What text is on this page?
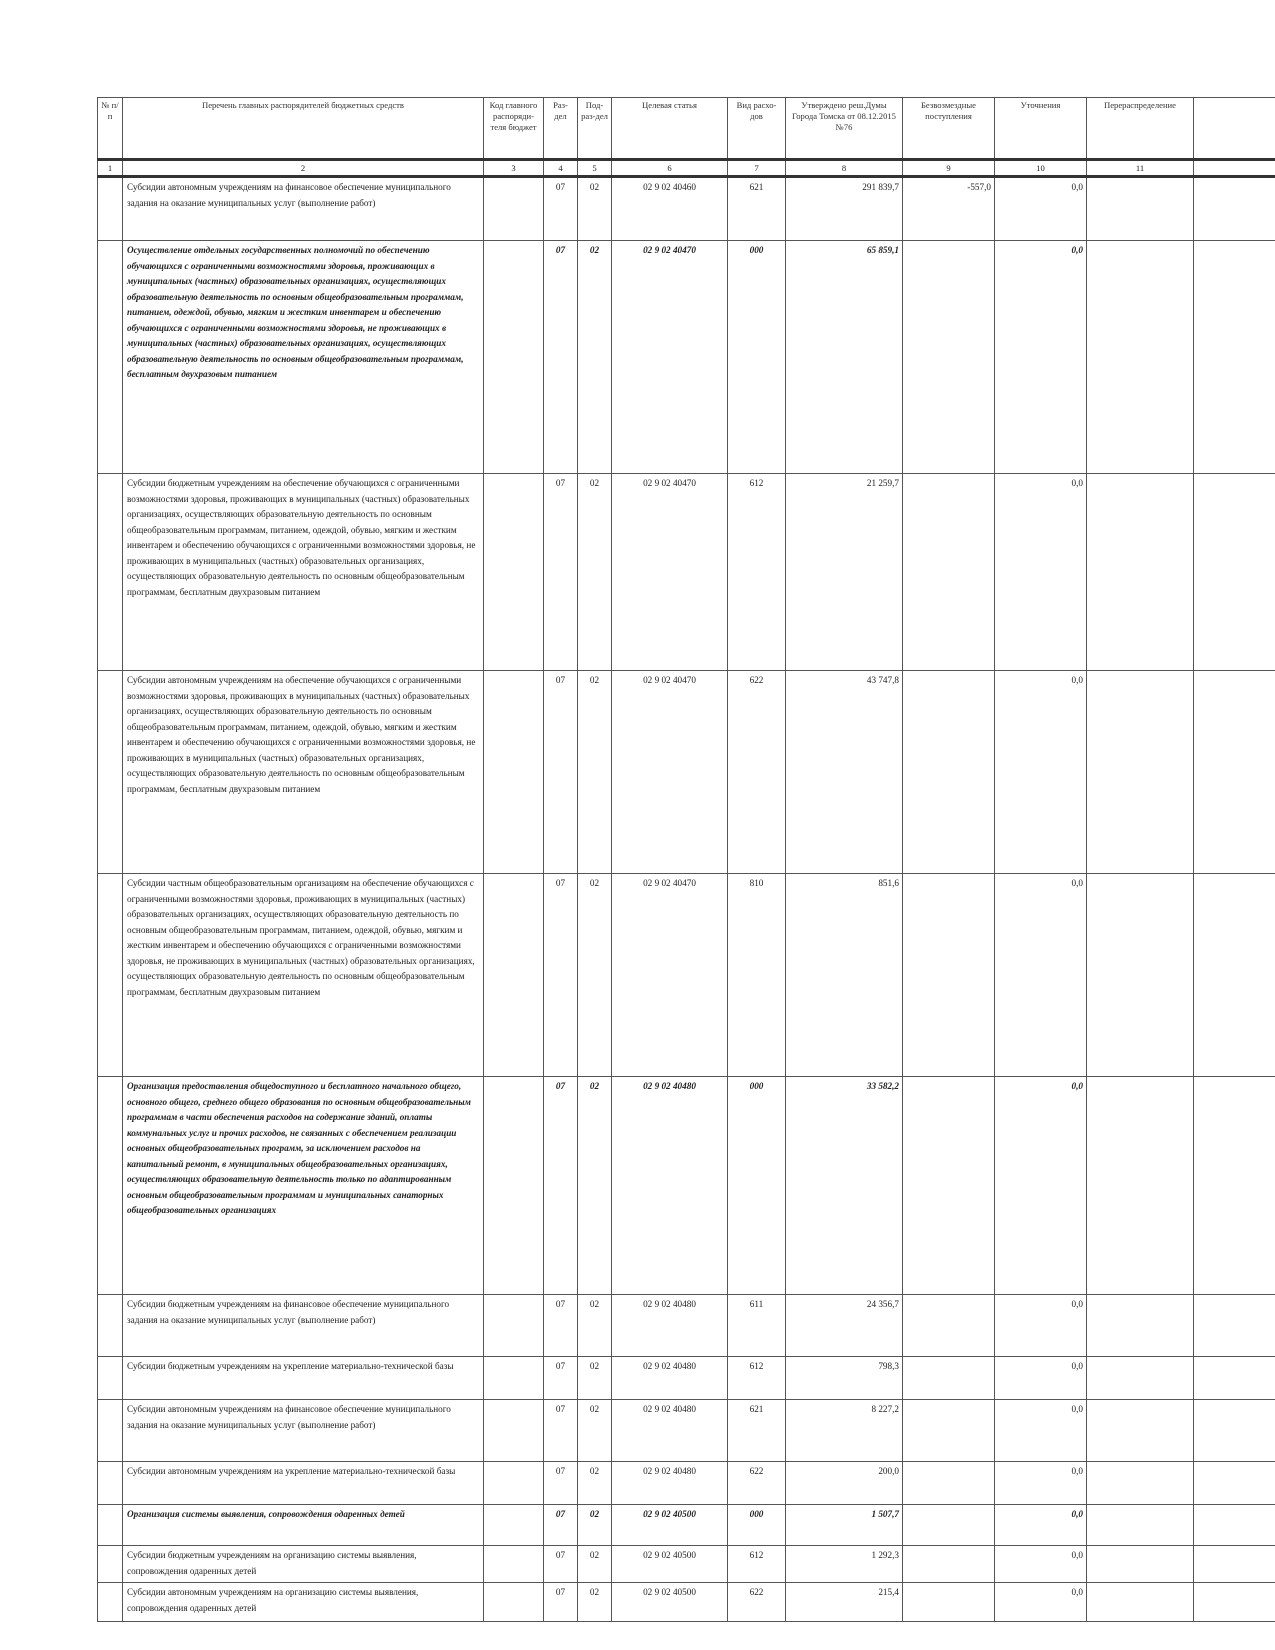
№ п/п	Перечень главных распорядителей бюджетных средств	Код главного распоряди-теля бюджет	Раз-дел	Под-раз-дел	Целевая статья	Вид расхо-дов	Утверждено реш.Думы Города Томска от 08.12.2015 №76	Безвозмездные поступления	Уточнения	Перераспределение	
1	2	3	4	5	6	7	8	9	10	11	
	Субсидии автономным учреждениям на финансовое обеспечение муниципального задания на оказание муниципальных услуг (выполнение работ)		07	02	02 9 02 40460	621	291 839,7	-557,0	0,0		
	Осуществление отдельных государственных полномочий по обеспечению обучающихся с ограниченными возможностями здоровья, проживающих в муниципальных (частных) образовательных организациях, осуществляющих образовательную деятельность по основным общеобразовательным программам, питанием, одеждой, обувью, мягким и жестким инвентарем и обеспечению обучающихся с ограниченными возможностями здоровья, не проживающих в муниципальных (частных) образовательных организациях, осуществляющих образовательную деятельность по основным общеобразовательным программам, бесплатным двухразовым питанием		07	02	02 9 02 40470	000	65 859,1		0,0		
	Субсидии бюджетным учреждениям на обеспечение обучающихся с ограниченными возможностями здоровья, проживающих в муниципальных (частных) образовательных организациях, осуществляющих образовательную деятельность по основным общеобразовательным программам, питанием, одеждой, обувью, мягким и жестким инвентарем и обеспечению обучающихся с ограниченными возможностями здоровья, не проживающих в муниципальных (частных) образовательных организациях, осуществляющих образовательную деятельность по основным общеобразовательным программам, бесплатным двухразовым питанием		07	02	02 9 02 40470	612	21 259,7		0,0		
	Субсидии автономным учреждениям на обеспечение обучающихся с ограниченными возможностями здоровья, проживающих в муниципальных (частных) образовательных организациях, осуществляющих образовательную деятельность по основным общеобразовательным программам, питанием, одеждой, обувью, мягким и жестким инвентарем и обеспечению обучающихся с ограниченными возможностями здоровья, не проживающих в муниципальных (частных) образовательных организациях, осуществляющих образовательную деятельность по основным общеобразовательным программам, бесплатным двухразовым питанием		07	02	02 9 02 40470	622	43 747,8		0,0		
	Субсидии частным общеобразовательным организациям на обеспечение обучающихся с ограниченными возможностями здоровья, проживающих в муниципальных (частных) образовательных организациях, осуществляющих образовательную деятельность по основным общеобразовательным программам, питанием, одеждой, обувью, мягким и жестким инвентарем и обеспечению обучающихся с ограниченными возможностями здоровья, не проживающих в муниципальных (частных) образовательных организациях, осуществляющих образовательную деятельность по основным общеобразовательным программам, бесплатным двухразовым питанием		07	02	02 9 02 40470	810	851,6		0,0		
	Организация предоставления общедоступного и бесплатного начального общего, основного общего, среднего общего образования по основным общеобразовательным программам в части обеспечения расходов на содержание зданий, оплаты коммунальных услуг и прочих расходов, не связанных с обеспечением реализации основных общеобразовательных программ, за исключением расходов на капитальный ремонт, в муниципальных общеобразовательных организациях, осуществляющих образовательную деятельность только по адаптированным основным общеобразовательным программам и муниципальных санаторных общеобразовательных организациях		07	02	02 9 02 40480	000	33 582,2		0,0		
	Субсидии бюджетным учреждениям на финансовое обеспечение муниципального задания на оказание муниципальных услуг (выполнение работ)		07	02	02 9 02 40480	611	24 356,7		0,0		
	Субсидии бюджетным учреждениям на укрепление материально-технической базы		07	02	02 9 02 40480	612	798,3		0,0		
	Субсидии автономным учреждениям на финансовое обеспечение муниципального задания на оказание муниципальных услуг (выполнение работ)		07	02	02 9 02 40480	621	8 227,2		0,0		
	Субсидии автономным учреждениям на укрепление материально-технической базы		07	02	02 9 02 40480	622	200,0		0,0		
	Организация системы выявления, сопровождения одаренных детей		07	02	02 9 02 40500	000	1 507,7		0,0		
	Субсидии бюджетным учреждениям на организацию системы выявления, сопровождения одаренных детей		07	02	02 9 02 40500	612	1 292,3		0,0		
	Субсидии автономным учреждениям на организацию системы выявления, сопровождения одаренных детей		07	02	02 9 02 40500	622	215,4		0,0		
